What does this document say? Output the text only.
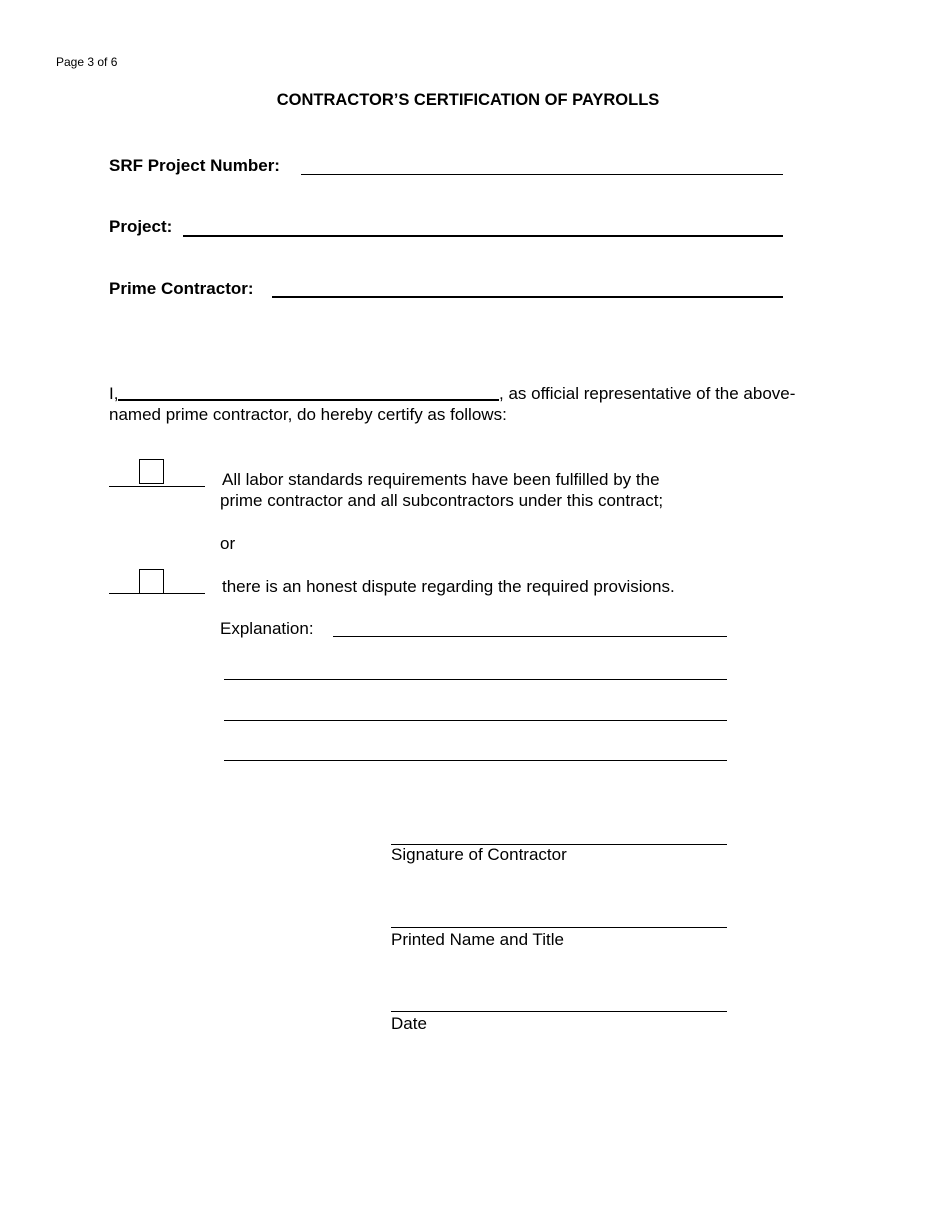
Page 3 of 6
CONTRACTOR’S CERTIFICATION OF PAYROLLS
SRF Project Number:
Project:
Prime Contractor:
I,	, as official representative of the above-
named prime contractor, do hereby certify as follows:
All labor standards requirements have been fulfilled by the
prime contractor and all subcontractors under this contract;
or
there is an honest dispute regarding the required provisions.
Explanation:
Signature of Contractor
Printed Name and Title
Date
